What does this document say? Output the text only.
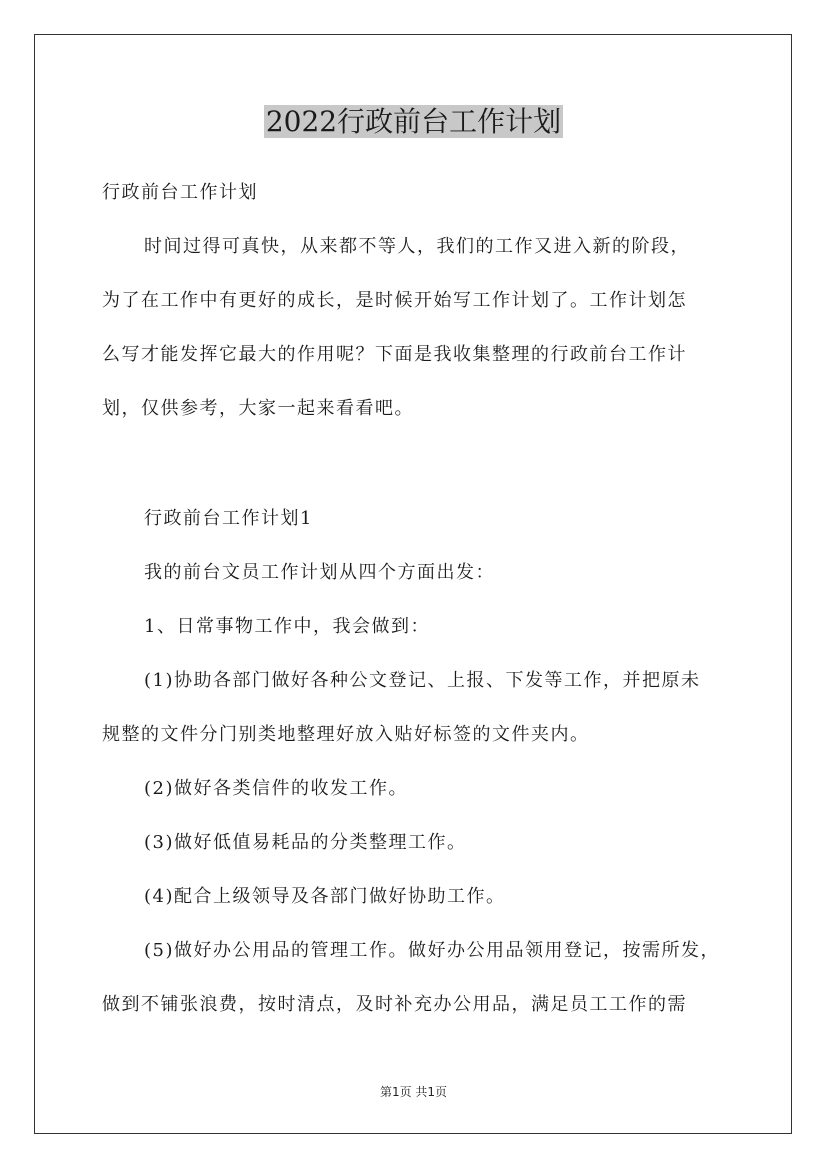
2022行政前台工作计划

行政前台工作计划

时间过得可真快，从来都不等人，我们的工作又进入新的阶段，
为了在工作中有更好的成长，是时候开始写工作计划了。工作计划怎
么写才能发挥它最大的作用呢？下面是我收集整理的行政前台工作计
划，仅供参考，大家一起来看看吧。

行政前台工作计划1

我的前台文员工作计划从四个方面出发：
1、日常事物工作中，我会做到：
(1)协助各部门做好各种公文登记、上报、下发等工作，并把原未
规整的文件分门别类地整理好放入贴好标签的文件夹内。
(2)做好各类信件的收发工作。
(3)做好低值易耗品的分类整理工作。
(4)配合上级领导及各部门做好协助工作。
(5)做好办公用品的管理工作。做好办公用品领用登记，按需所发，
做到不铺张浪费，按时清点，及时补充办公用品，满足员工工作的需
第1页 共1页
